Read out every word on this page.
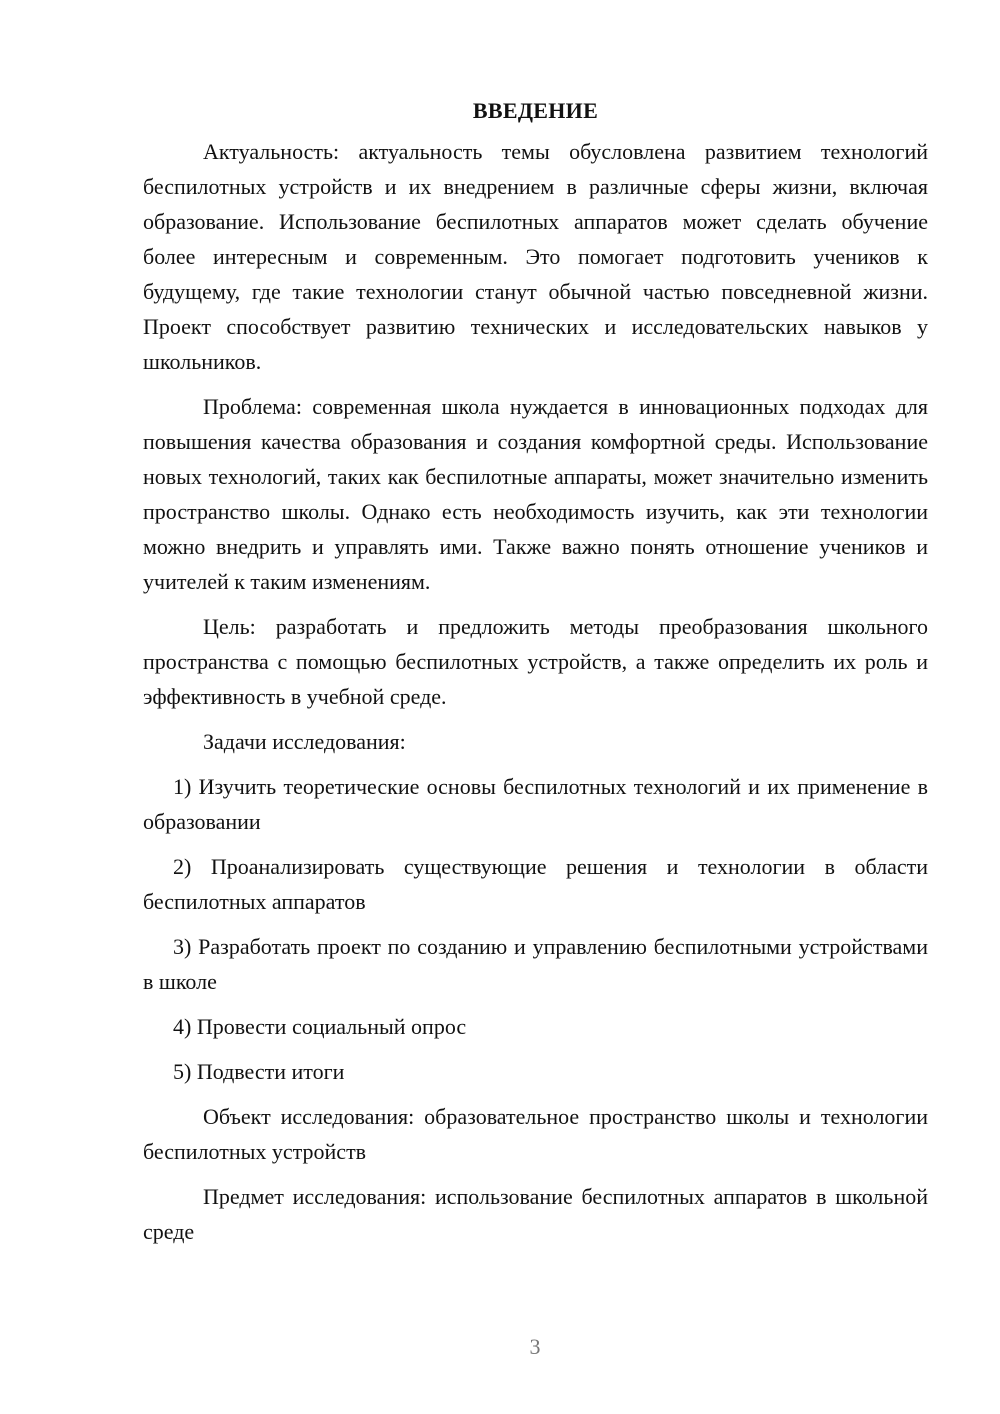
ВВЕДЕНИЕ

Актуальность: актуальность темы обусловлена развитием технологий беспилотных устройств и их внедрением в различные сферы жизни, включая образование. Использование беспилотных аппаратов может сделать обучение более интересным и современным. Это помогает подготовить учеников к будущему, где такие технологии станут обычной частью повседневной жизни. Проект способствует развитию технических и исследовательских навыков у школьников.

Проблема: современная школа нуждается в инновационных подходах для повышения качества образования и создания комфортной среды. Использование новых технологий, таких как беспилотные аппараты, может значительно изменить пространство школы. Однако есть необходимость изучить, как эти технологии можно внедрить и управлять ими. Также важно понять отношение учеников и учителей к таким изменениям.

Цель: разработать и предложить методы преобразования школьного пространства с помощью беспилотных устройств, а также определить их роль и эффективность в учебной среде.

Задачи исследования:

1) Изучить теоретические основы беспилотных технологий и их применение в образовании

2) Проанализировать существующие решения и технологии в области беспилотных аппаратов

3) Разработать проект по созданию и управлению беспилотными устройствами в школе

4) Провести социальный опрос

5) Подвести итоги

Объект исследования: образовательное пространство школы и технологии беспилотных устройств

Предмет исследования: использование беспилотных аппаратов в школьной среде

3
